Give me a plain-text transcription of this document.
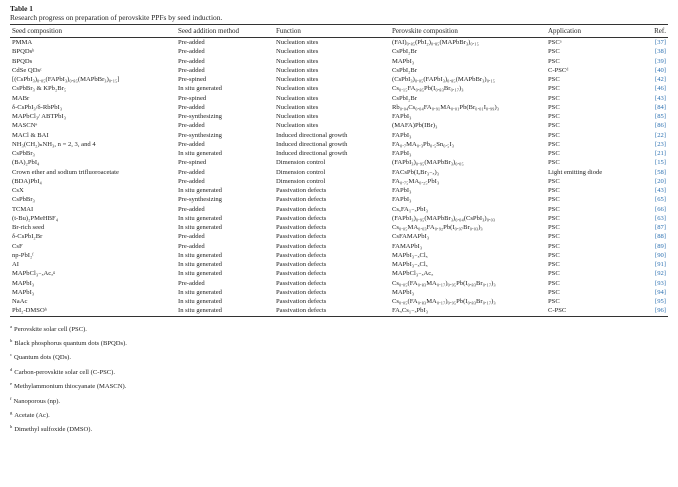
Table 1
Research progress on preparation of perovskite PPFs by seed induction.
Seed composition	Seed addition method	Function	Perovskite composition	Application	Ref.
PMMA	Pre-added	Nucleation sites	(FAI)₀.₈₅(PbI₂)₀.₈₅(MAPbBr₃)₀.₁₅	PSCᵃ	[37]
BPQDsᵇ	Pre-added	Nucleation sites	CsPbI₂Br	PSC	[38]
BPQDs	Pre-added	Nucleation sites	MAPbI₃	PSC	[39]
CdSe QDsᶜ	Pre-added	Nucleation sites	CsPbI₂Br	C-PSCᵈ	[40]
[(CsPbI₃)₀.₀₅(FAPbI₃)₀.₈₅(MAPbBr₃)₀.₁₅]	Pre-spined	Nucleation sites	(CsPbI₃)₀.₀₅(FAPbI₃)₀.₈₅(MAPbBr₃)₀.₁₅	PSC	[42]
CsPbBr₃ & KPb₂Br₅	In situ generated	Nucleation sites	Cs₀.₁₅FA₀.₈₅Pb(I₀.₈₃Br₀.₁₇)₃	PSC	[46]
MABr	Pre-spined	Nucleation sites	CsPbI₂Br	PSC	[43]
δ-CsPbI₃/δ-RbPbI₃	Pre-added	Nucleation sites	Rb₀.₀₄Cs₀.₀₄FA₀.₉₁MA₀.₀₁Pb(Br₀.₀₁I₀.₉₉)₃	PSC	[84]
MAPbCl₃/ ABTPbI₃	Pre-synthesizing	Nucleation sites	FAPbI₃	PSC	[85]
MASCNᵉ	Pre-added	Nucleation sites	(MAFA)Pb(IBr)₃	PSC	[86]
MACl & BAI	Pre-synthesizing	Induced directional growth	FAPbI₃	PSC	[22]
NH₃(CH₂)ₙNH₃, n = 2, 3, and 4	Pre-added	Induced directional growth	FA₀.₇MA₀.₃Pb₀.₅Sn₀.₅I₃	PSC	[23]
CsPbBr₃	In situ generated	Induced directional growth	FAPbI₃	PSC	[21]
(BA)₂PbI₄	Pre-spined	Dimension control	(FAPbI₃)₀.₉₅(MAPbBr₃)₀.₀₅	PSC	[15]
Crown ether and sodium trifluoroacetate	Pre-added	Dimension control	FACsPb(IₓBr₃₋ₓ)₃	Light emitting diode	[58]
(BDA)PbI₄	Pre-added	Dimension control	FA₀.₇₅MA₀.₂₅PbI₃	PSC	[20]
CsX	In situ generated	Passivation defects	FAPbI₃	PSC	[43]
CsPbBr₃	Pre-synthesizing	Passivation defects	FAPbI₃	PSC	[65]
TCMAI	Pre-added	Passivation defects	CsₓFA₁₋ₓPbI₃	PSC	[66]
(t-Bu)₂PMeHBF₄	In situ generated	Passivation defects	(FAPbI₃)₀.₉₅(MAPbBr₃)₀.₀₄(CsPbI₃)₀.₀₃	PSC	[63]
Br-rich seed	In situ generated	Passivation defects	Cs₀.₀₅MA₀.₀₃FA₀.₉₂Pb(I₀.₉₇Br₀.₀₃)₃	PSC	[87]
δ-CsPbI₂Br	Pre-added	Passivation defects	CsFAMAPbI₃	PSC	[88]
CsF	Pre-added	Passivation defects	FAMAPbI₃	PSC	[89]
np-PbI₂ᶠ	In situ generated	Passivation defects	MAPbI₃₋ₓClₓ	PSC	[90]
AI	In situ generated	Passivation defects	MAPbI₃₋ₓClₓ	PSC	[91]
MAPbCl₃₋ₓAcₓᵍ	In situ generated	Passivation defects	MAPbCl₃₋ₓAcₓ	PSC	[92]
MAPbI₃	Pre-added	Passivation defects	Cs₀.₀₅(FA₀.₈₃MA₀.₁₇)₀.₉₅Pb(I₀.₈₃Br₀.₁₇)₃	PSC	[93]
MAPbI₃	In situ generated	Passivation defects	MAPbI₃	PSC	[94]
NaAc	In situ generated	Passivation defects	Cs₀.₀₅(FA₀.₈₃MA₀.₁₇)₀.₉₅Pb(I₀.₈₃Br₀.₁₇)₃	PSC	[95]
PbI₂-DMSOʰ	In situ generated	Passivation defects	FAₓCs₁₋ₓPbI₃	C-PSC	[96]
$^a$ Perovskite solar cell (PSC).
$^b$ Black phosphorus quantum dots (BPQDs).
$^c$ Quantum dots (QDs).
$^d$ Carbon-perovskite solar cell (C-PSC).
$^e$ Methylammonium thiocyanate (MASCN).
$^f$ Nanoporous (np).
$^g$ Acetate (Ac).
$^h$ Dimethyl sulfoxide (DMSO).
